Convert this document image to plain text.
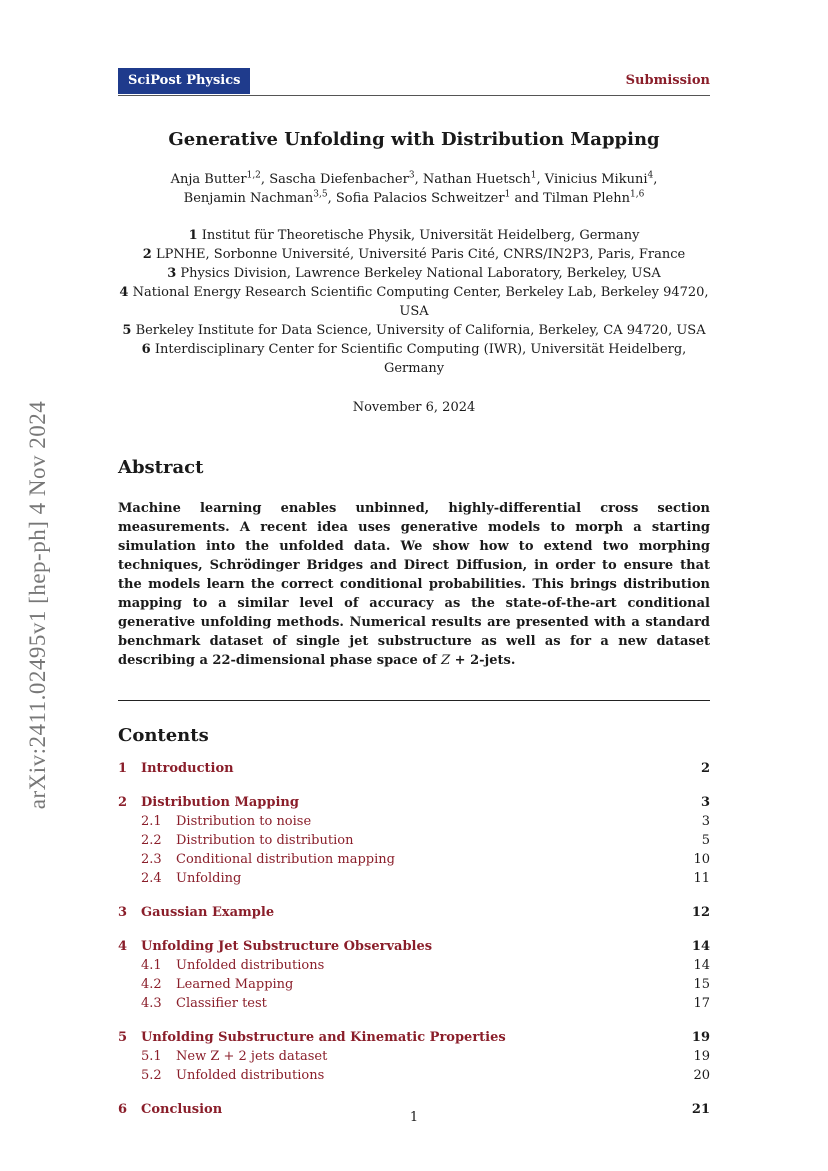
arXiv:2411.02495v1 [hep-ph] 4 Nov 2024
SciPost Physics	Submission
Generative Unfolding with Distribution Mapping
Anja Butter$^{1,2}$, Sascha Diefenbacher$^3$, Nathan Huetsch$^1$, Vinicius Mikuni$^4$,
Benjamin Nachman$^{3,5}$, Sofia Palacios Schweitzer$^1$ and Tilman Plehn$^{1,6}$
1 Institut für Theoretische Physik, Universität Heidelberg, Germany
2 LPNHE, Sorbonne Université, Université Paris Cité, CNRS/IN2P3, Paris, France
3 Physics Division, Lawrence Berkeley National Laboratory, Berkeley, USA
4 National Energy Research Scientific Computing Center, Berkeley Lab, Berkeley 94720, USA
5 Berkeley Institute for Data Science, University of California, Berkeley, CA 94720, USA
6 Interdisciplinary Center for Scientific Computing (IWR), Universität Heidelberg, Germany
November 6, 2024
Abstract
Machine learning enables unbinned, highly-differential cross section measurements. A recent idea uses generative models to morph a starting simulation into the unfolded data. We show how to extend two morphing techniques, Schrödinger Bridges and Direct Diffusion, in order to ensure that the models learn the correct conditional probabilities. This brings distribution mapping to a similar level of accuracy as the state-of-the-art conditional generative unfolding methods. Numerical results are presented with a standard benchmark dataset of single jet substructure as well as for a new dataset describing a 22-dimensional phase space of Z + 2-jets.
Contents
1	Introduction	2
2	Distribution Mapping	3
2.1	Distribution to noise	3
2.2	Distribution to distribution	5
2.3	Conditional distribution mapping	10
2.4	Unfolding	11
3	Gaussian Example	12
4	Unfolding Jet Substructure Observables	14
4.1	Unfolded distributions	14
4.2	Learned Mapping	15
4.3	Classifier test	17
5	Unfolding Substructure and Kinematic Properties	19
5.1	New Z + 2 jets dataset	19
5.2	Unfolded distributions	20
6	Conclusion	21
1
